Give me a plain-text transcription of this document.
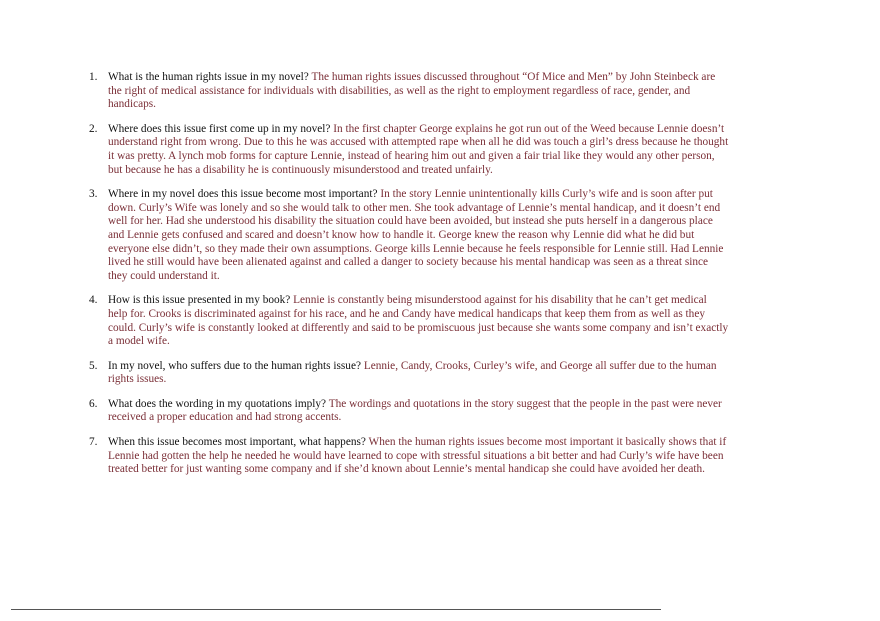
1. What is the human rights issue in my novel? The human rights issues discussed throughout “Of Mice and Men” by John Steinbeck are the right of medical assistance for individuals with disabilities, as well as the right to employment regardless of race, gender, and handicaps.
2. Where does this issue first come up in my novel? In the first chapter George explains he got run out of the Weed because Lennie doesn’t understand right from wrong. Due to this he was accused with attempted rape when all he did was touch a girl’s dress because he thought it was pretty. A lynch mob forms for capture Lennie, instead of hearing him out and given a fair trial like they would any other person, but because he has a disability he is continuously misunderstood and treated unfairly.
3. Where in my novel does this issue become most important? In the story Lennie unintentionally kills Curly’s wife and is soon after put down. Curly’s Wife was lonely and so she would talk to other men. She took advantage of Lennie’s mental handicap, and it doesn’t end well for her. Had she understood his disability the situation could have been avoided, but instead she puts herself in a dangerous place and Lennie gets confused and scared and doesn’t know how to handle it. George knew the reason why Lennie did what he did but everyone else didn’t, so they made their own assumptions. George kills Lennie because he feels responsible for Lennie still. Had Lennie lived he still would have been alienated against and called a danger to society because his mental handicap was seen as a threat since they could understand it.
4. How is this issue presented in my book? Lennie is constantly being misunderstood against for his disability that he can’t get medical help for. Crooks is discriminated against for his race, and he and Candy have medical handicaps that keep them from as well as they could. Curly’s wife is constantly looked at differently and said to be promiscuous just because she wants some company and isn’t exactly a model wife.
5. In my novel, who suffers due to the human rights issue? Lennie, Candy, Crooks, Curley’s wife, and George all suffer due to the human rights issues.
6. What does the wording in my quotations imply? The wordings and quotations in the story suggest that the people in the past were never received a proper education and had strong accents.
7. When this issue becomes most important, what happens? When the human rights issues become most important it basically shows that if Lennie had gotten the help he needed he would have learned to cope with stressful situations a bit better and had Curly’s wife have been treated better for just wanting some company and if she’d known about Lennie’s mental handicap she could have avoided her death.
